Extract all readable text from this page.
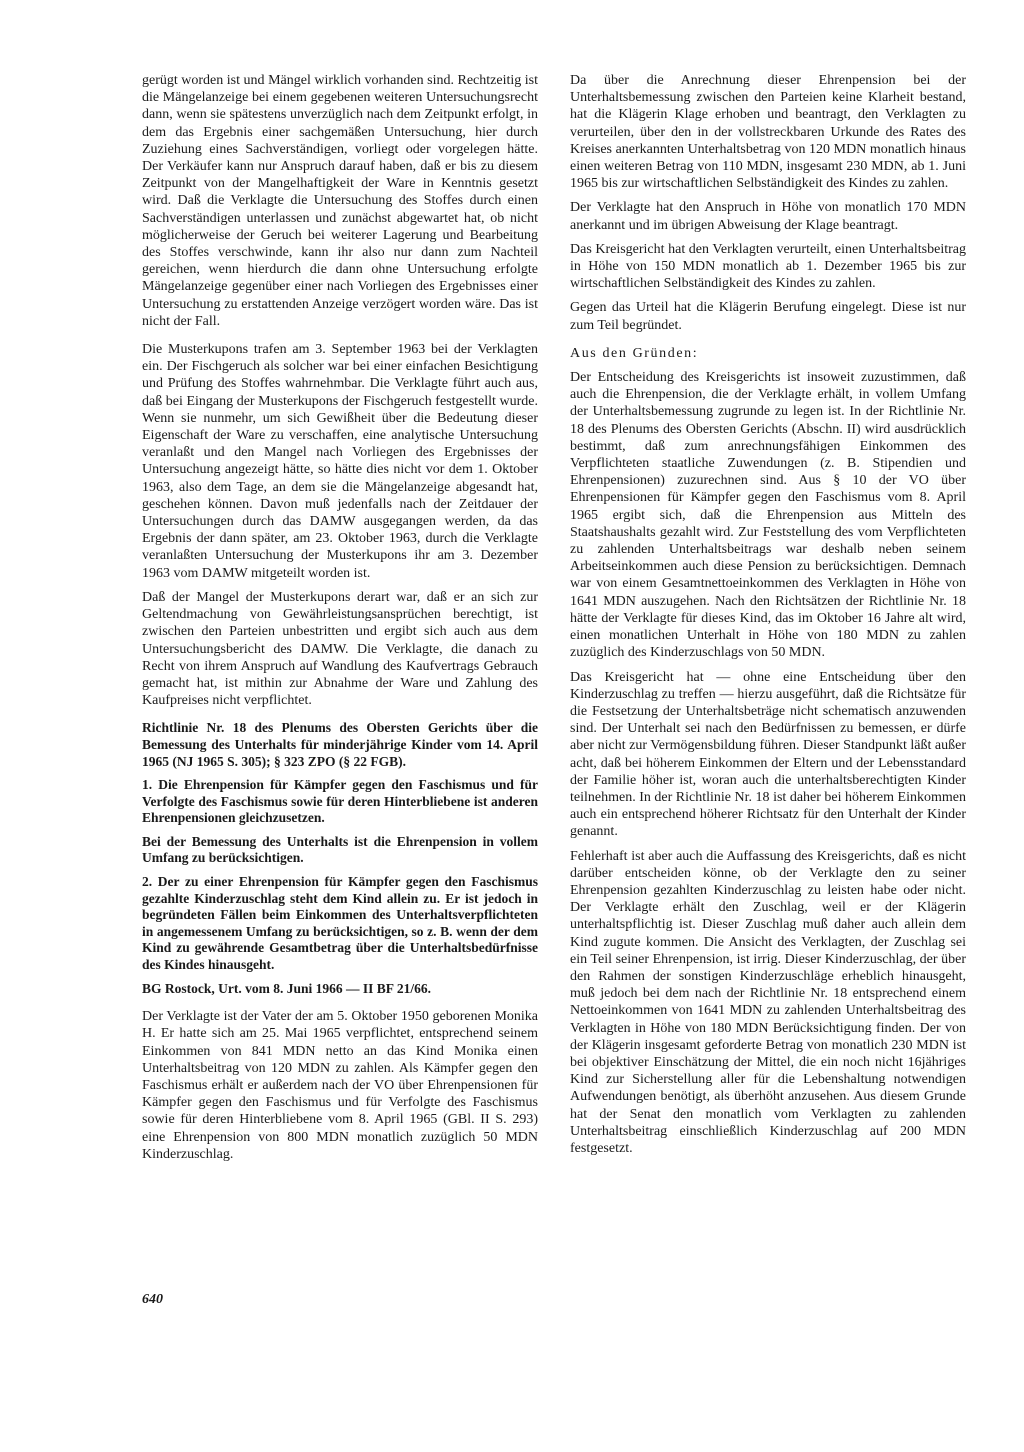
gerügt worden ist und Mängel wirklich vorhanden sind. Rechtzeitig ist die Mängelanzeige bei einem gegebenen weiteren Untersuchungsrecht dann, wenn sie spätestens unverzüglich nach dem Zeitpunkt erfolgt, in dem das Ergebnis einer sachgemäßen Untersuchung, hier durch Zuziehung eines Sachverständigen, vorliegt oder vorgelegen hätte. Der Verkäufer kann nur Anspruch darauf haben, daß er bis zu diesem Zeitpunkt von der Mangelhaftigkeit der Ware in Kenntnis gesetzt wird. Daß die Verklagte die Untersuchung des Stoffes durch einen Sachverständigen unterlassen und zunächst abgewartet hat, ob nicht möglicherweise der Geruch bei weiterer Lagerung und Bearbeitung des Stoffes verschwinde, kann ihr also nur dann zum Nachteil gereichen, wenn hierdurch die dann ohne Untersuchung erfolgte Mängelanzeige gegenüber einer nach Vorliegen des Ergebnisses einer Untersuchung zu erstattenden Anzeige verzögert worden wäre. Das ist nicht der Fall.

Die Musterkupons trafen am 3. September 1963 bei der Verklagten ein. Der Fischgeruch als solcher war bei einer einfachen Besichtigung und Prüfung des Stoffes wahrnehmbar. Die Verklagte führt auch aus, daß bei Eingang der Musterkupons der Fischgeruch festgestellt wurde. Wenn sie nunmehr, um sich Gewißheit über die Bedeutung dieser Eigenschaft der Ware zu verschaffen, eine analytische Untersuchung veranlaßt und den Mangel nach Vorliegen des Ergebnisses der Untersuchung angezeigt hätte, so hätte dies nicht vor dem 1. Oktober 1963, also dem Tage, an dem sie die Mängelanzeige abgesandt hat, geschehen können. Davon muß jedenfalls nach der Zeitdauer der Untersuchungen durch das DAMW ausgegangen werden, da das Ergebnis der dann später, am 23. Oktober 1963, durch die Verklagte veranlaßten Untersuchung der Musterkupons ihr am 3. Dezember 1963 vom DAMW mitgeteilt worden ist.

Daß der Mangel der Musterkupons derart war, daß er an sich zur Geltendmachung von Gewährleistungsansprüchen berechtigt, ist zwischen den Parteien unbestritten und ergibt sich auch aus dem Untersuchungsbericht des DAMW. Die Verklagte, die danach zu Recht von ihrem Anspruch auf Wandlung des Kaufvertrags Gebrauch gemacht hat, ist mithin zur Abnahme der Ware und Zahlung des Kaufpreises nicht verpflichtet.

Richtlinie Nr. 18 des Plenums des Obersten Gerichts über die Bemessung des Unterhalts für minderjährige Kinder vom 14. April 1965 (NJ 1965 S. 305); § 323 ZPO (§ 22 FGB).

1. Die Ehrenpension für Kämpfer gegen den Faschismus und für Verfolgte des Faschismus sowie für deren Hinterbliebene ist anderen Ehrenpensionen gleichzusetzen.

Bei der Bemessung des Unterhalts ist die Ehrenpension in vollem Umfang zu berücksichtigen.

2. Der zu einer Ehrenpension für Kämpfer gegen den Faschismus gezahlte Kinderzuschlag steht dem Kind allein zu. Er ist jedoch in begründeten Fällen beim Einkommen des Unterhaltsverpflichteten in angemessenem Umfang zu berücksichtigen, so z. B. wenn der dem Kind zu gewährende Gesamtbetrag über die Unterhaltsbedürfnisse des Kindes hinausgeht.

BG Rostock, Urt. vom 8. Juni 1966 — II BF 21/66.

Der Verklagte ist der Vater der am 5. Oktober 1950 geborenen Monika H. Er hatte sich am 25. Mai 1965 verpflichtet, entsprechend seinem Einkommen von 841 MDN netto an das Kind Monika einen Unterhaltsbeitrag von 120 MDN zu zahlen. Als Kämpfer gegen den Faschismus erhält er außerdem nach der VO über Ehrenpensionen für Kämpfer gegen den Faschismus und für Verfolgte des Faschismus sowie für deren Hinterbliebene vom 8. April 1965 (GBl. II S. 293) eine Ehrenpension von 800 MDN monatlich zuzüglich 50 MDN Kinderzuschlag.

Da über die Anrechnung dieser Ehrenpension bei der Unterhaltsbemessung zwischen den Parteien keine Klarheit bestand, hat die Klägerin Klage erhoben und beantragt, den Verklagten zu verurteilen, über den in der vollstreckbaren Urkunde des Rates des Kreises anerkannten Unterhaltsbetrag von 120 MDN monatlich hinaus einen weiteren Betrag von 110 MDN, insgesamt 230 MDN, ab 1. Juni 1965 bis zur wirtschaftlichen Selbständigkeit des Kindes zu zahlen.

Der Verklagte hat den Anspruch in Höhe von monatlich 170 MDN anerkannt und im übrigen Abweisung der Klage beantragt.

Das Kreisgericht hat den Verklagten verurteilt, einen Unterhaltsbeitrag in Höhe von 150 MDN monatlich ab 1. Dezember 1965 bis zur wirtschaftlichen Selbständigkeit des Kindes zu zahlen.

Gegen das Urteil hat die Klägerin Berufung eingelegt. Diese ist nur zum Teil begründet.

Aus den Gründen:

Der Entscheidung des Kreisgerichts ist insoweit zuzustimmen, daß auch die Ehrenpension, die der Verklagte erhält, in vollem Umfang der Unterhaltsbemessung zugrunde zu legen ist. In der Richtlinie Nr. 18 des Plenums des Obersten Gerichts (Abschn. II) wird ausdrücklich bestimmt, daß zum anrechnungsfähigen Einkommen des Verpflichteten staatliche Zuwendungen (z. B. Stipendien und Ehrenpensionen) zuzurechnen sind. Aus § 10 der VO über Ehrenpensionen für Kämpfer gegen den Faschismus vom 8. April 1965 ergibt sich, daß die Ehrenpension aus Mitteln des Staatshaushalts gezahlt wird. Zur Feststellung des vom Verpflichteten zu zahlenden Unterhaltsbeitrags war deshalb neben seinem Arbeitseinkommen auch diese Pension zu berücksichtigen. Demnach war von einem Gesamtnettoeinkommen des Verklagten in Höhe von 1641 MDN auszugehen. Nach den Richtsätzen der Richtlinie Nr. 18 hätte der Verklagte für dieses Kind, das im Oktober 16 Jahre alt wird, einen monatlichen Unterhalt in Höhe von 180 MDN zu zahlen zuzüglich des Kinderzuschlags von 50 MDN.

Das Kreisgericht hat — ohne eine Entscheidung über den Kinderzuschlag zu treffen — hierzu ausgeführt, daß die Richtsätze für die Festsetzung der Unterhaltsbeträge nicht schematisch anzuwenden sind. Der Unterhalt sei nach den Bedürfnissen zu bemessen, er dürfe aber nicht zur Vermögensbildung führen. Dieser Standpunkt läßt außer acht, daß bei höherem Einkommen der Eltern und der Lebensstandard der Familie höher ist, woran auch die unterhaltsberechtigten Kinder teilnehmen. In der Richtlinie Nr. 18 ist daher bei höherem Einkommen auch ein entsprechend höherer Richtsatz für den Unterhalt der Kinder genannt.

Fehlerhaft ist aber auch die Auffassung des Kreisgerichts, daß es nicht darüber entscheiden könne, ob der Verklagte den zu seiner Ehrenpension gezahlten Kinderzuschlag zu leisten habe oder nicht. Der Verklagte erhält den Zuschlag, weil er der Klägerin unterhaltspflichtig ist. Dieser Zuschlag muß daher auch allein dem Kind zugute kommen. Die Ansicht des Verklagten, der Zuschlag sei ein Teil seiner Ehrenpension, ist irrig. Dieser Kinderzuschlag, der über den Rahmen der sonstigen Kinderzuschläge erheblich hinausgeht, muß jedoch bei dem nach der Richtlinie Nr. 18 entsprechend einem Nettoeinkommen von 1641 MDN zu zahlenden Unterhaltsbeitrag des Verklagten in Höhe von 180 MDN Berücksichtigung finden. Der von der Klägerin insgesamt geforderte Betrag von monatlich 230 MDN ist bei objektiver Einschätzung der Mittel, die ein noch nicht 16jähriges Kind zur Sicherstellung aller für die Lebenshaltung notwendigen Aufwendungen benötigt, als überhöht anzusehen. Aus diesem Grunde hat der Senat den monatlich vom Verklagten zu zahlenden Unterhaltsbeitrag einschließlich Kinderzuschlag auf 200 MDN festgesetzt.

640
